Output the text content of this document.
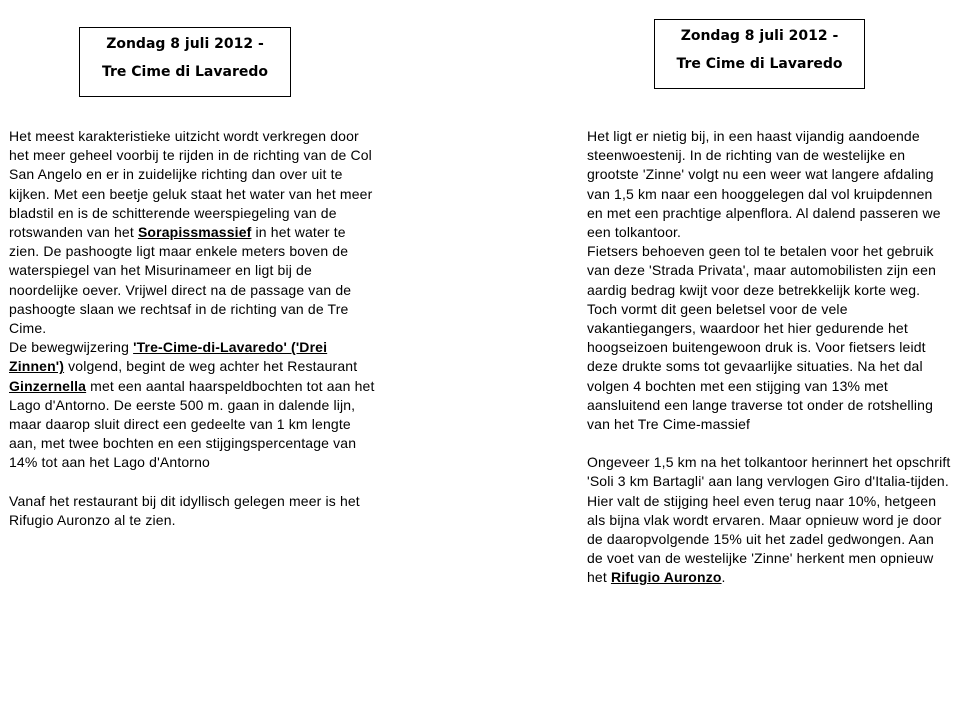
Zondag 8 juli 2012 -
Tre Cime di Lavaredo
Zondag 8 juli 2012 -
Tre Cime di Lavaredo

Het meest karakteristieke uitzicht wordt verkregen door het meer geheel voorbij te rijden in de richting van de Col San Angelo en er in zuidelijke richting dan over uit te kijken. Met een beetje geluk staat het water van het meer bladstil en is de schitterende weerspiegeling van de rotswanden van het Sorapissmassief in het water te zien. De pashoogte ligt maar enkele meters boven de waterspiegel van het Misurinameer en ligt bij de noordelijke oever. Vrijwel direct na de passage van de pashoogte slaan we rechtsaf in de richting van de Tre Cime.

De bewegwijzering 'Tre-Cime-di-Lavaredo' ('Drei Zinnen') volgend, begint de weg achter het Restaurant Ginzernella met een aantal haarspeldbochten tot aan het Lago d'Antorno. De eerste 500 m. gaan in dalende lijn, maar daarop sluit direct een gedeelte van 1 km lengte aan, met twee bochten en een stijgingspercentage van 14% tot aan het Lago d'Antorno

Vanaf het restaurant bij dit idyllisch gelegen meer is het Rifugio Auronzo al te zien.

Het ligt er nietig bij, in een haast vijandig aandoende steenwoestenij. In de richting van de westelijke en grootste 'Zinne' volgt nu een weer wat langere afdaling van 1,5 km naar een hooggelegen dal vol kruipdennen en met een prachtige alpenflora. Al dalend passeren we een tolkantoor.

Fietsers behoeven geen tol te betalen voor het gebruik van deze 'Strada Privata', maar automobilisten zijn een aardig bedrag kwijt voor deze betrekkelijk korte weg. Toch vormt dit geen beletsel voor de vele vakantiegangers, waardoor het hier gedurende het hoogseizoen buitengewoon druk is. Voor fietsers leidt deze drukte soms tot gevaarlijke situaties. Na het dal volgen 4 bochten met een stijging van 13% met aansluitend een lange traverse tot onder de rotshelling van het Tre Cime-massief

Ongeveer 1,5 km na het tolkantoor herinnert het opschrift 'Soli 3 km Bartagli' aan lang vervlogen Giro d'Italia-tijden. Hier valt de stijging heel even terug naar 10%, hetgeen als bijna vlak wordt ervaren. Maar opnieuw word je door de daaropvolgende 15% uit het zadel gedwongen. Aan de voet van de westelijke 'Zinne' herkent men opnieuw het Rifugio Auronzo.
